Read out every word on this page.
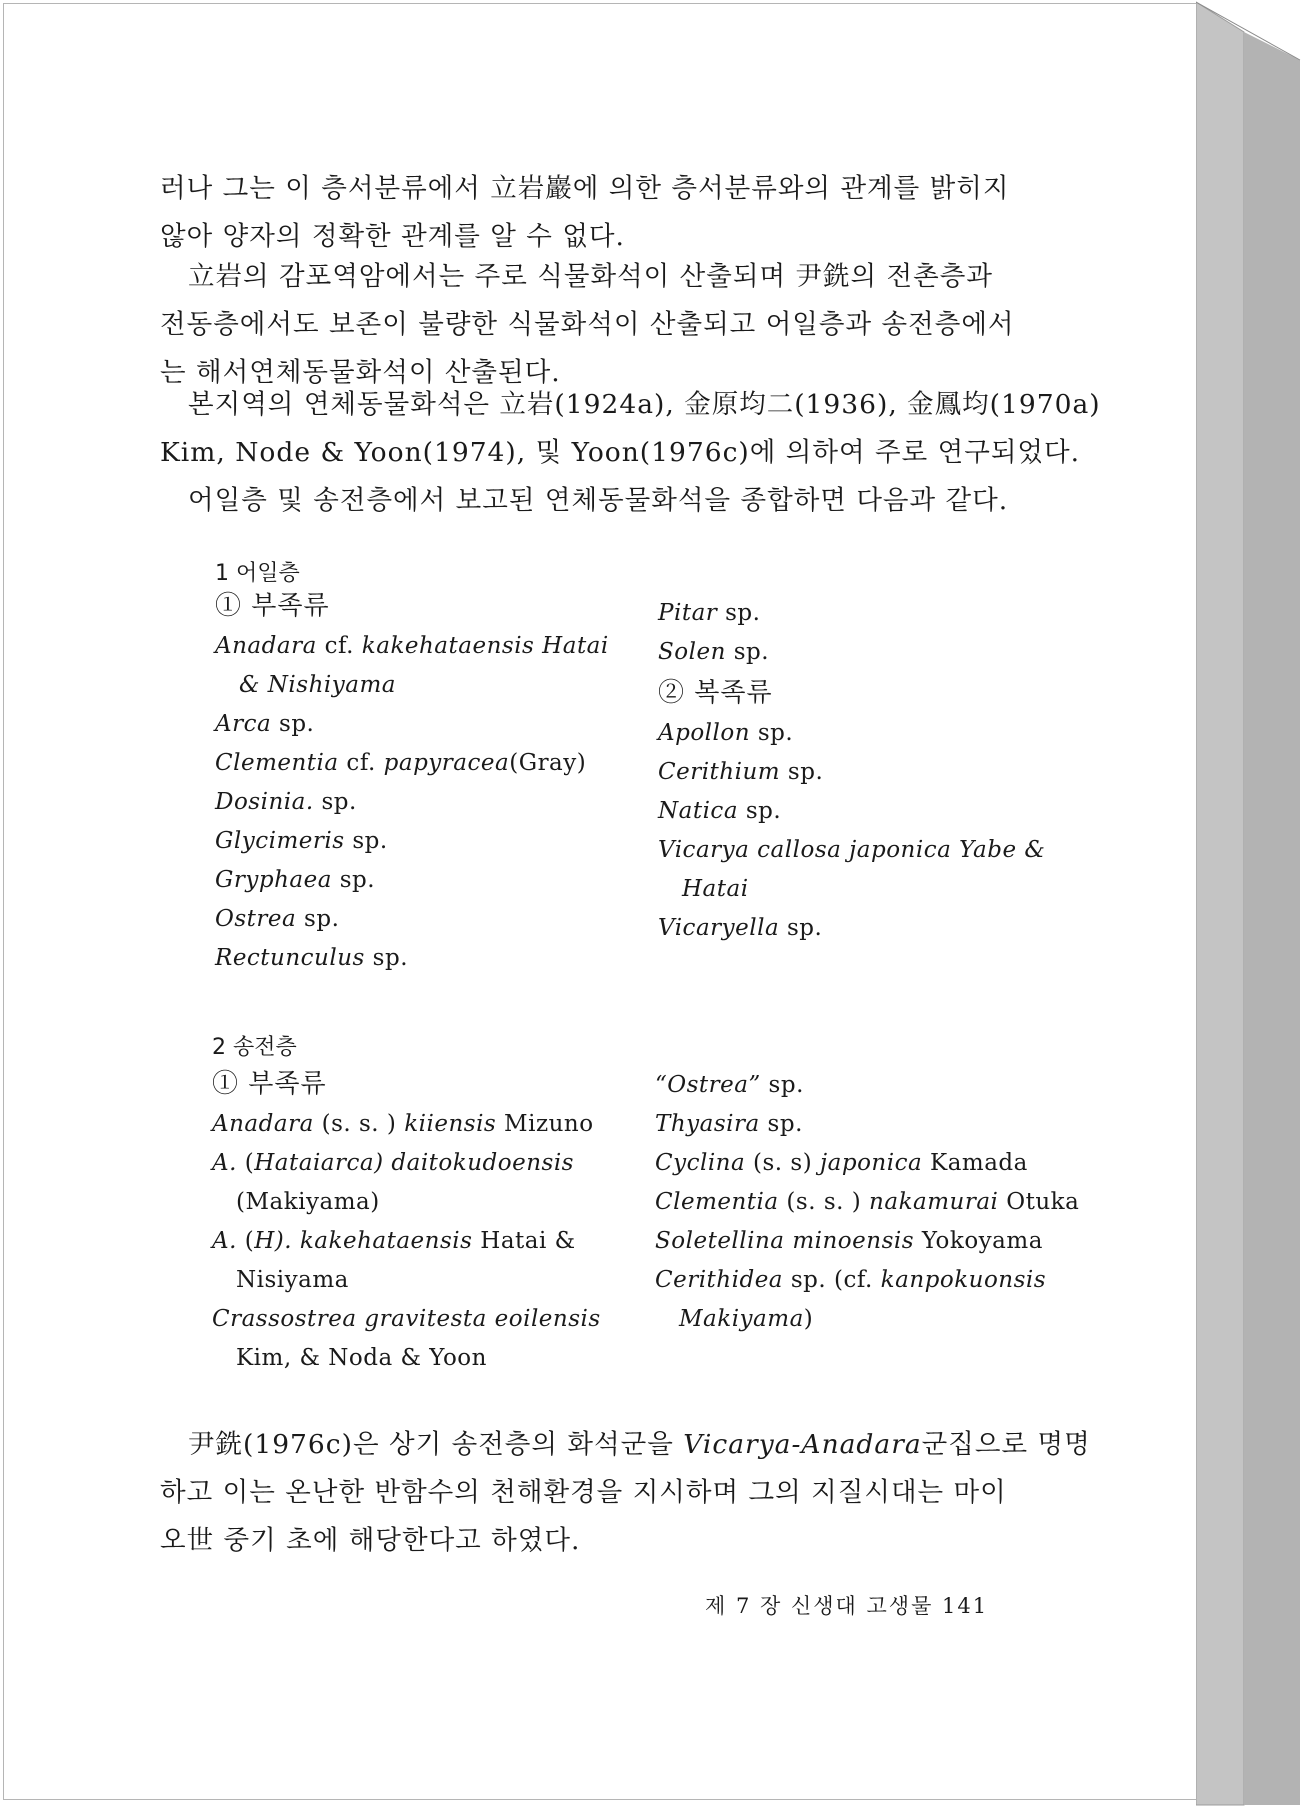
러나 그는 이 층서분류에서 立岩巖에 의한 층서분류와의 관계를 밝히지
않아 양자의 정확한 관계를 알 수 없다.
立岩의 감포역암에서는 주로 식물화석이 산출되며 尹銑의 전촌층과
전동층에서도 보존이 불량한 식물화석이 산출되고 어일층과 송전층에서
는 해서연체동물화석이 산출된다.
본지역의 연체동물화석은 立岩(1924a), 金原均二(1936), 金鳳均(1970a)
Kim, Node & Yoon(1974), 및 Yoon(1976c)에 의하여 주로 연구되었다.
어일층 및 송전층에서 보고된 연체동물화석을 종합하면 다음과 같다.
1 어일층
① 부족류
Anadara cf. kakehataensis Hatai
& Nishiyama
Arca sp.
Clementia cf. papyracea(Gray)
Dosinia. sp.
Glycimeris sp.
Gryphaea sp.
Ostrea sp.
Rectunculus sp.
Pitar sp.
Solen sp.
② 복족류
Apollon sp.
Cerithium sp.
Natica sp.
Vicarya callosa japonica Yabe &
Hatai
Vicaryella sp.
2 송전층
① 부족류
Anadara (s. s. ) kiiensis Mizuno
A. (Hataiarca) daitokudoensis
(Makiyama)
A. (H). kakehataensis Hatai &
Nisiyama
Crassostrea gravitesta eoilensis
Kim, & Noda & Yoon
“Ostrea” sp.
Thyasira sp.
Cyclina (s. s) japonica Kamada
Clementia (s. s. ) nakamurai Otuka
Soletellina minoensis Yokoyama
Cerithidea sp. (cf. kanpokuonsis
Makiyama)
尹銑(1976c)은 상기 송전층의 화석군을 Vicarya-Anadara군집으로 명명
하고 이는 온난한 반함수의 천해환경을 지시하며 그의 지질시대는 마이
오世 중기 초에 해당한다고 하였다.
제 7 장 신생대 고생물 141
